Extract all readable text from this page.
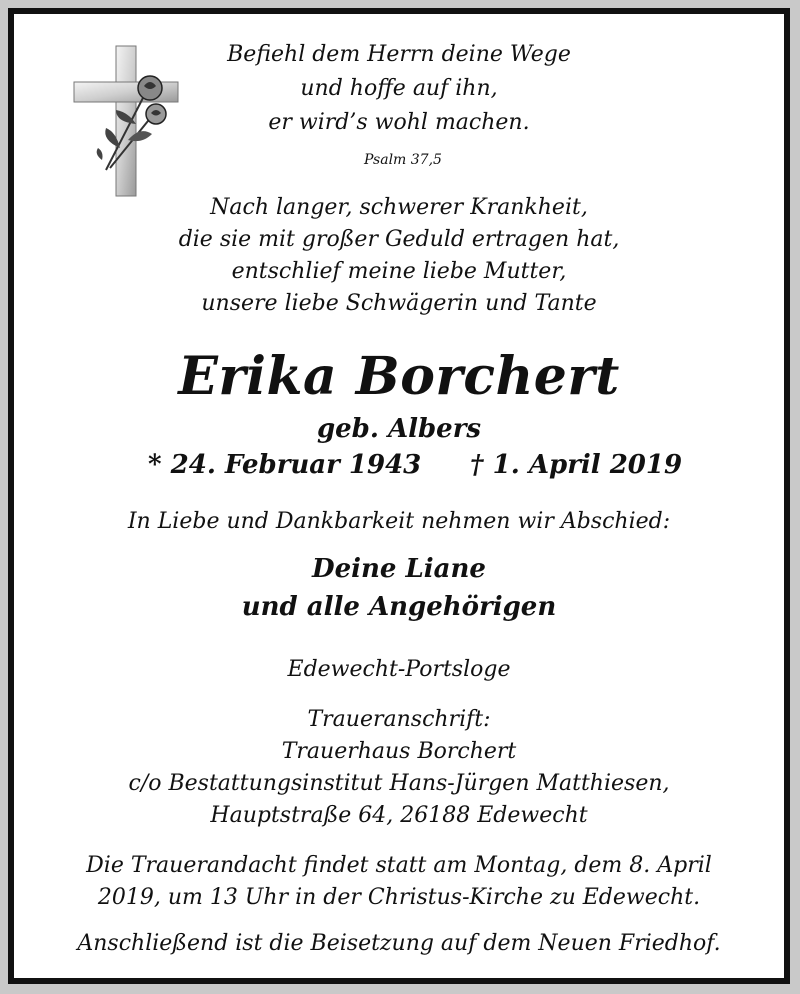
Befiehl dem Herrn deine Wege
und hoffe auf ihn,
er wird’s wohl machen.
Psalm 37,5
Nach langer, schwerer Krankheit,
die sie mit großer Geduld ertragen hat,
entschlief meine liebe Mutter,
unsere liebe Schwägerin und Tante
Erika Borchert
geb. Albers
* 24. Februar 1943 † 1. April 2019
In Liebe und Dankbarkeit nehmen wir Abschied:
Deine Liane
und alle Angehörigen
Edewecht-Portsloge
Traueranschrift:
Trauerhaus Borchert
c/o Bestattungsinstitut Hans-Jürgen Matthiesen,
Hauptstraße 64, 26188 Edewecht
Die Trauerandacht findet statt am Montag, dem 8. April
2019, um 13 Uhr in der Christus-Kirche zu Edewecht.
Anschließend ist die Beisetzung auf dem Neuen Friedhof.
